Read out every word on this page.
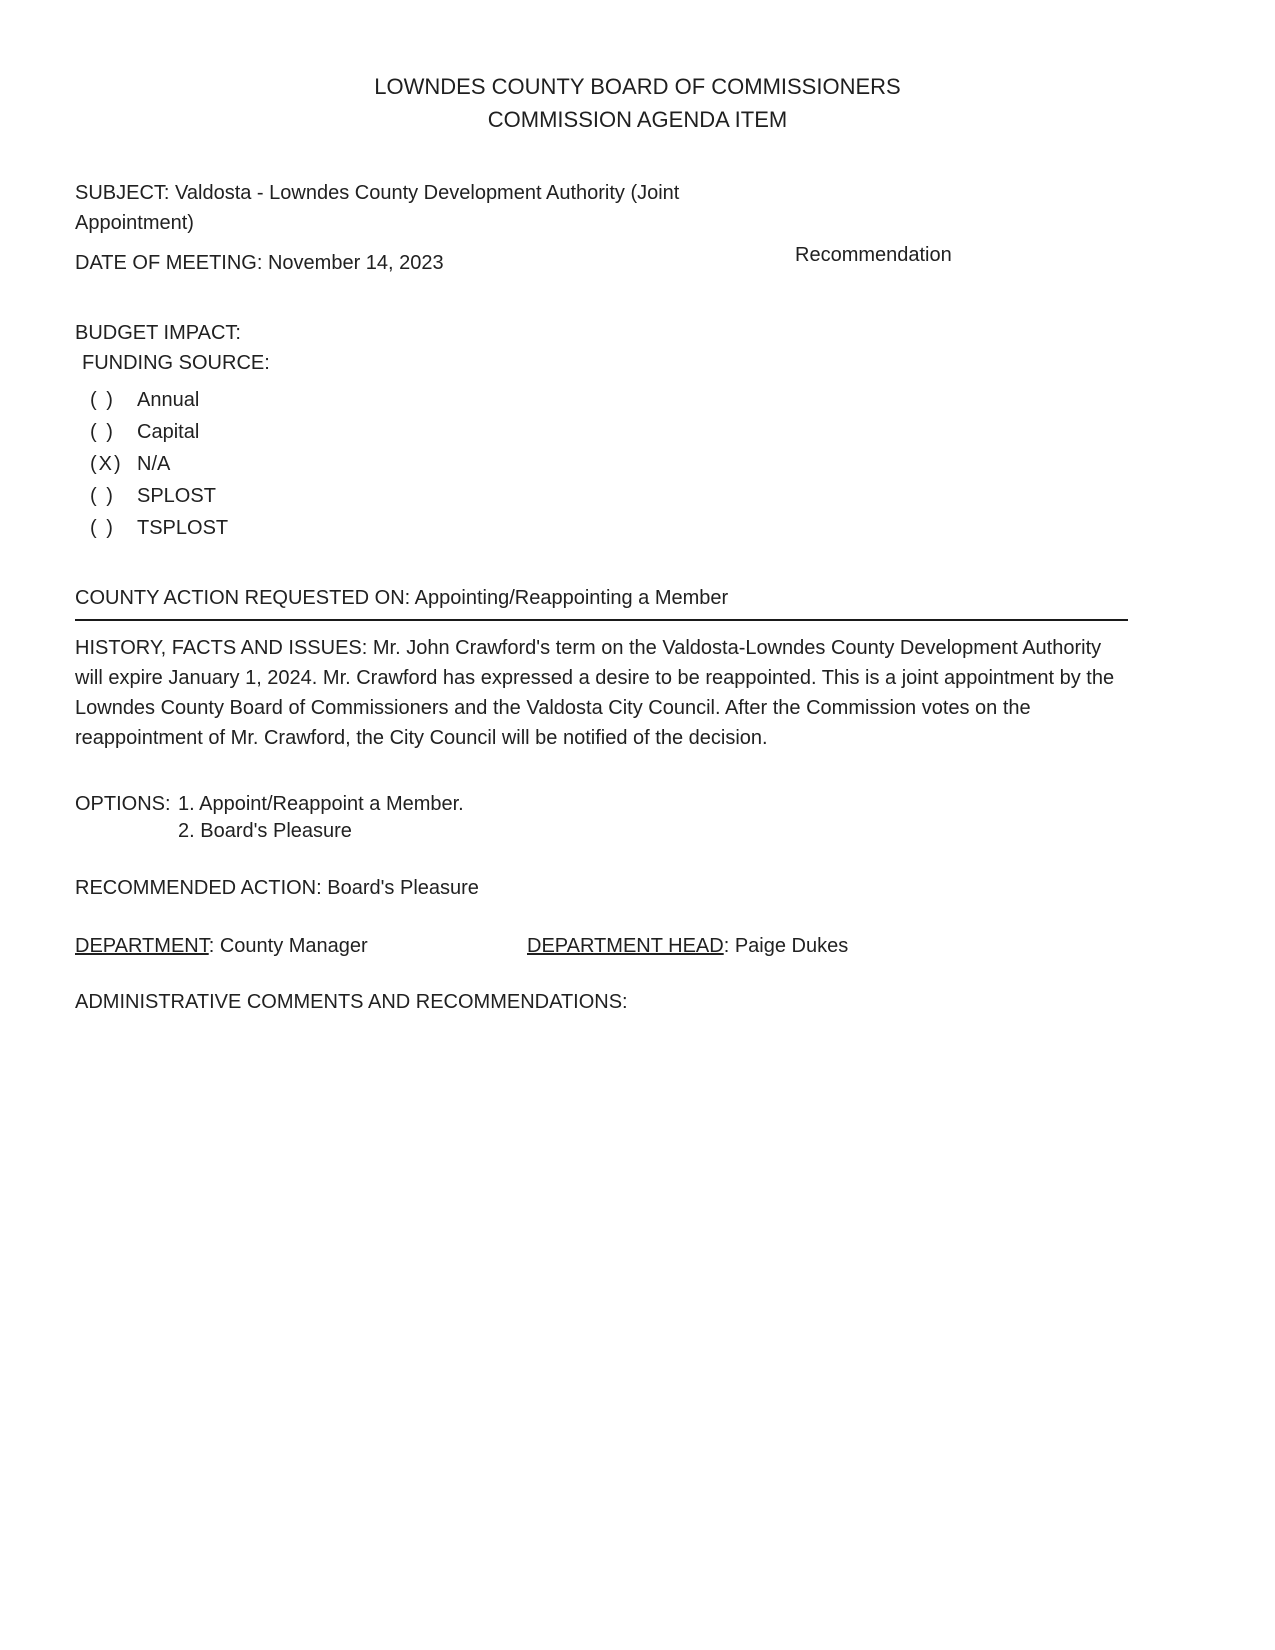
LOWNDES COUNTY BOARD OF COMMISSIONERS
COMMISSION AGENDA ITEM

SUBJECT: Valdosta - Lowndes County Development Authority (Joint Appointment)

DATE OF MEETING: November 14, 2023	Recommendation
BUDGET IMPACT:
FUNDING SOURCE:
( )	Annual
( )	Capital
(X) N/A
( )	SPLOST
( )	TSPLOST
COUNTY ACTION REQUESTED ON: Appointing/Reappointing a Member

HISTORY, FACTS AND ISSUES: Mr. John Crawford's term on the Valdosta-Lowndes County Development Authority will expire January 1, 2024. Mr. Crawford has expressed a desire to be reappointed. This is a joint appointment by the Lowndes County Board of Commissioners and the Valdosta City Council. After the Commission votes on the reappointment of Mr. Crawford, the City Council will be notified of the decision.

OPTIONS: 1. Appoint/Reappoint a Member.
2. Board's Pleasure

RECOMMENDED ACTION: Board's Pleasure

DEPARTMENT: County Manager	DEPARTMENT HEAD: Paige Dukes

ADMINISTRATIVE COMMENTS AND RECOMMENDATIONS:
